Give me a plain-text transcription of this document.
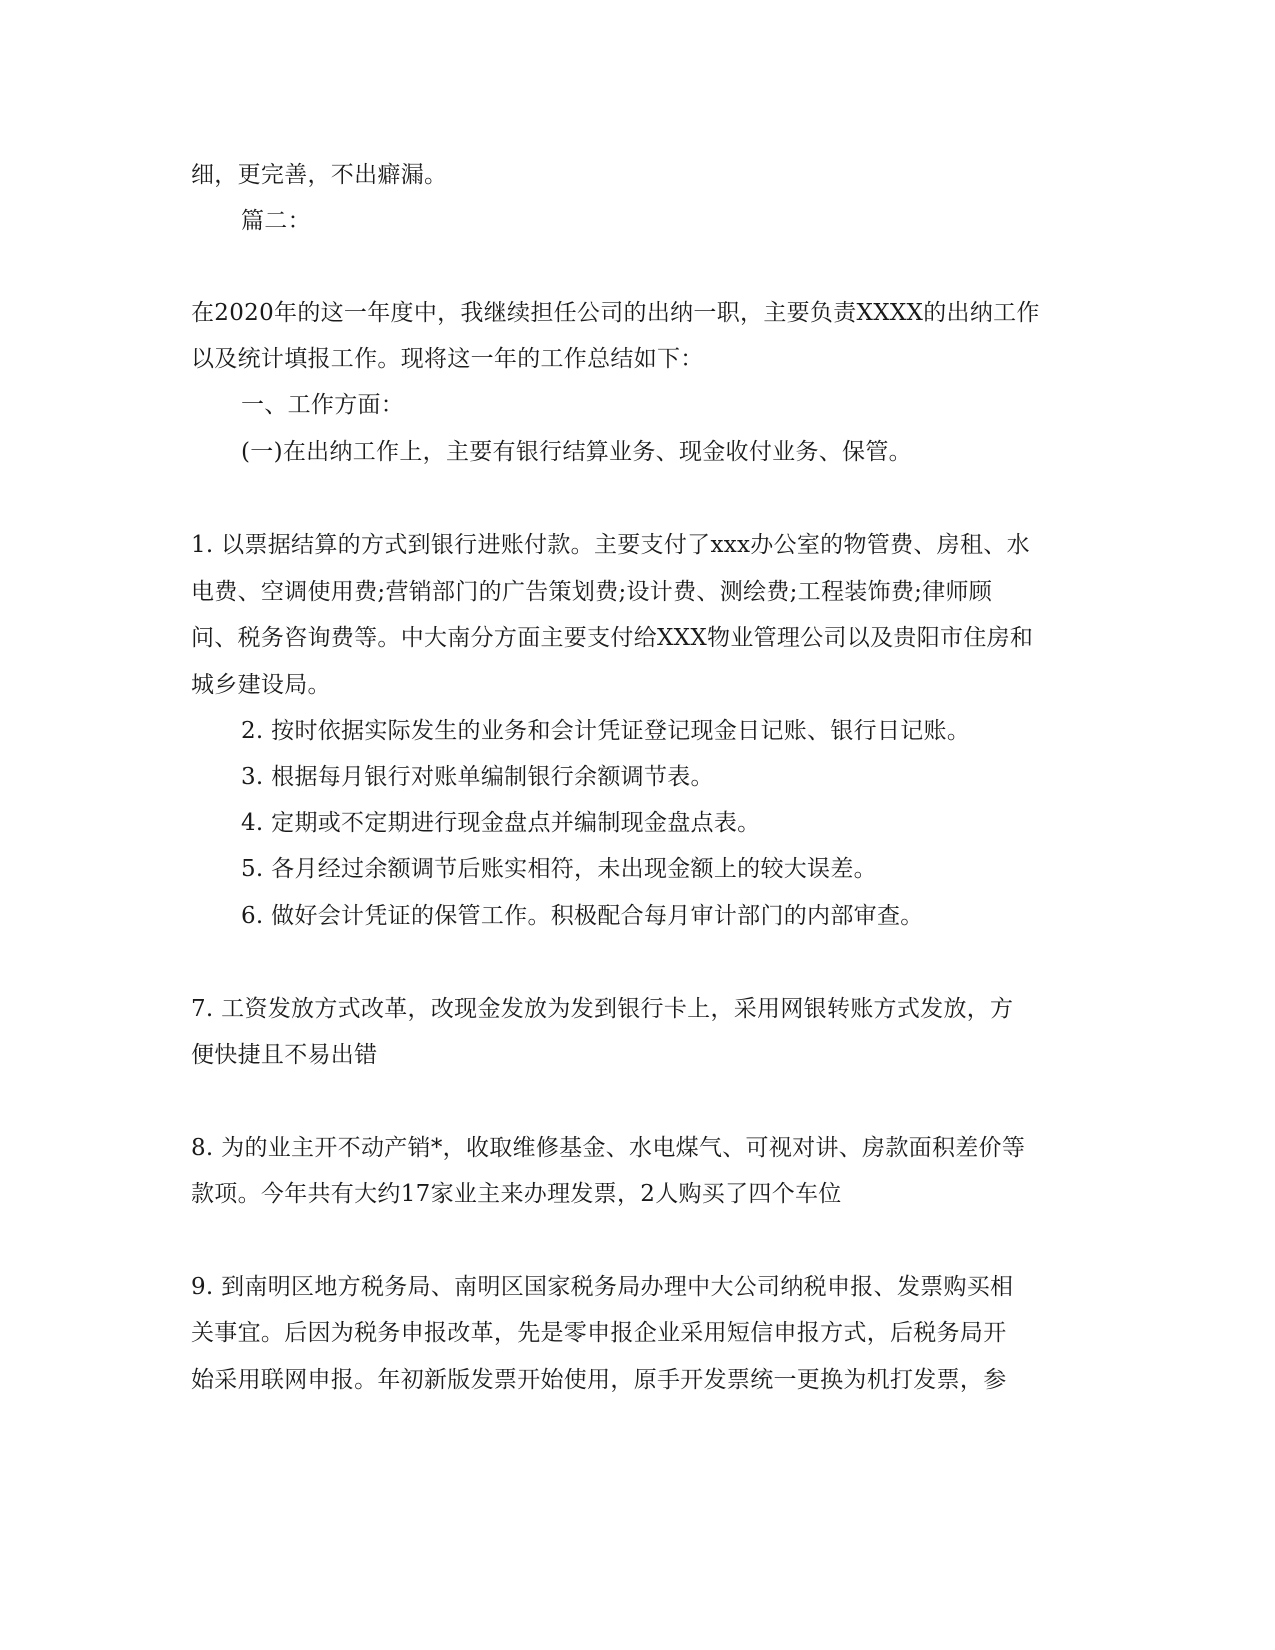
细，更完善，不出癖漏。
篇二：
在2020年的这一年度中，我继续担任公司的出纳一职，主要负责XXXX的出纳工作
以及统计填报工作。现将这一年的工作总结如下：
一、工作方面：
(一)在出纳工作上，主要有银行结算业务、现金收付业务、保管。
1. 以票据结算的方式到银行进账付款。主要支付了xxx办公室的物管费、房租、水
电费、空调使用费;营销部门的广告策划费;设计费、测绘费;工程装饰费;律师顾
问、税务咨询费等。中大南分方面主要支付给XXX物业管理公司以及贵阳市住房和
城乡建设局。
2. 按时依据实际发生的业务和会计凭证登记现金日记账、银行日记账。
3. 根据每月银行对账单编制银行余额调节表。
4. 定期或不定期进行现金盘点并编制现金盘点表。
5. 各月经过余额调节后账实相符，未出现金额上的较大误差。
6. 做好会计凭证的保管工作。积极配合每月审计部门的内部审查。
7. 工资发放方式改革，改现金发放为发到银行卡上，采用网银转账方式发放，方
便快捷且不易出错
8. 为的业主开不动产销*，收取维修基金、水电煤气、可视对讲、房款面积差价等
款项。今年共有大约17家业主来办理发票，2人购买了四个车位
9. 到南明区地方税务局、南明区国家税务局办理中大公司纳税申报、发票购买相
关事宜。后因为税务申报改革，先是零申报企业采用短信申报方式，后税务局开
始采用联网申报。年初新版发票开始使用，原手开发票统一更换为机打发票，参
